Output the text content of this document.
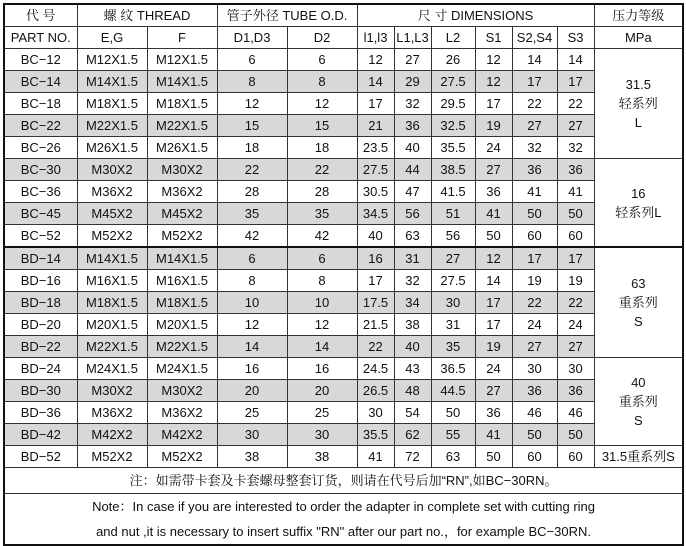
代 号	螺 纹 THREAD		管子外径 TUBE O.D.		尺 寸 DIMENSIONS						压力等级
PART NO.	E,G	F	D1,D3	D2	l1,l3	L1,L3	L2	S1	S2,S4	S3	MPa
BC−12	M12X1.5	M12X1.5	6	6	12	27	26	12	14	14	31.5
轻系列
L

BC−14	M14X1.5	M14X1.5	8	8	14	29	27.5	12	17	17	
BC−18	M18X1.5	M18X1.5	12	12	17	32	29.5	17	22	22	
BC−22	M22X1.5	M22X1.5	15	15	21	36	32.5	19	27	27	
BC−26	M26X1.5	M26X1.5	18	18	23.5	40	35.5	24	32	32	
BC−30	M30X2	M30X2	22	22	27.5	44	38.5	27	36	36	16
轻系列L

BC−36	M36X2	M36X2	28	28	30.5	47	41.5	36	41	41	
BC−45	M45X2	M45X2	35	35	34.5	56	51	41	50	50	
BC−52	M52X2	M52X2	42	42	40	63	56	50	60	60	
BD−14	M14X1.5	M14X1.5	6	6	16	31	27	12	17	17	63
重系列
S

BD−16	M16X1.5	M16X1.5	8	8	17	32	27.5	14	19	19	
BD−18	M18X1.5	M18X1.5	10	10	17.5	34	30	17	22	22	
BD−20	M20X1.5	M20X1.5	12	12	21.5	38	31	17	24	24	
BD−22	M22X1.5	M22X1.5	14	14	22	40	35	19	27	27	
BD−24	M24X1.5	M24X1.5	16	16	24.5	43	36.5	24	30	30	40
重系列
S

BD−30	M30X2	M30X2	20	20	26.5	48	44.5	27	36	36	
BD−36	M36X2	M36X2	25	25	30	54	50	36	46	46	
BD−42	M42X2	M42X2	30	30	35.5	62	55	41	50	50	
BD−52	M52X2	M52X2	38	38	41	72	63	50	60	60	31.5重系列S

注：如需带卡套及卡套螺母整套订货，则请在代号后加“RN”,如BC−30RN。											
Note：In case if you are interested to order the adapter in complete set with cutting ring											
and nut ,it is necessary to insert suffix "RN" after our part no.，for example BC−30RN.											
